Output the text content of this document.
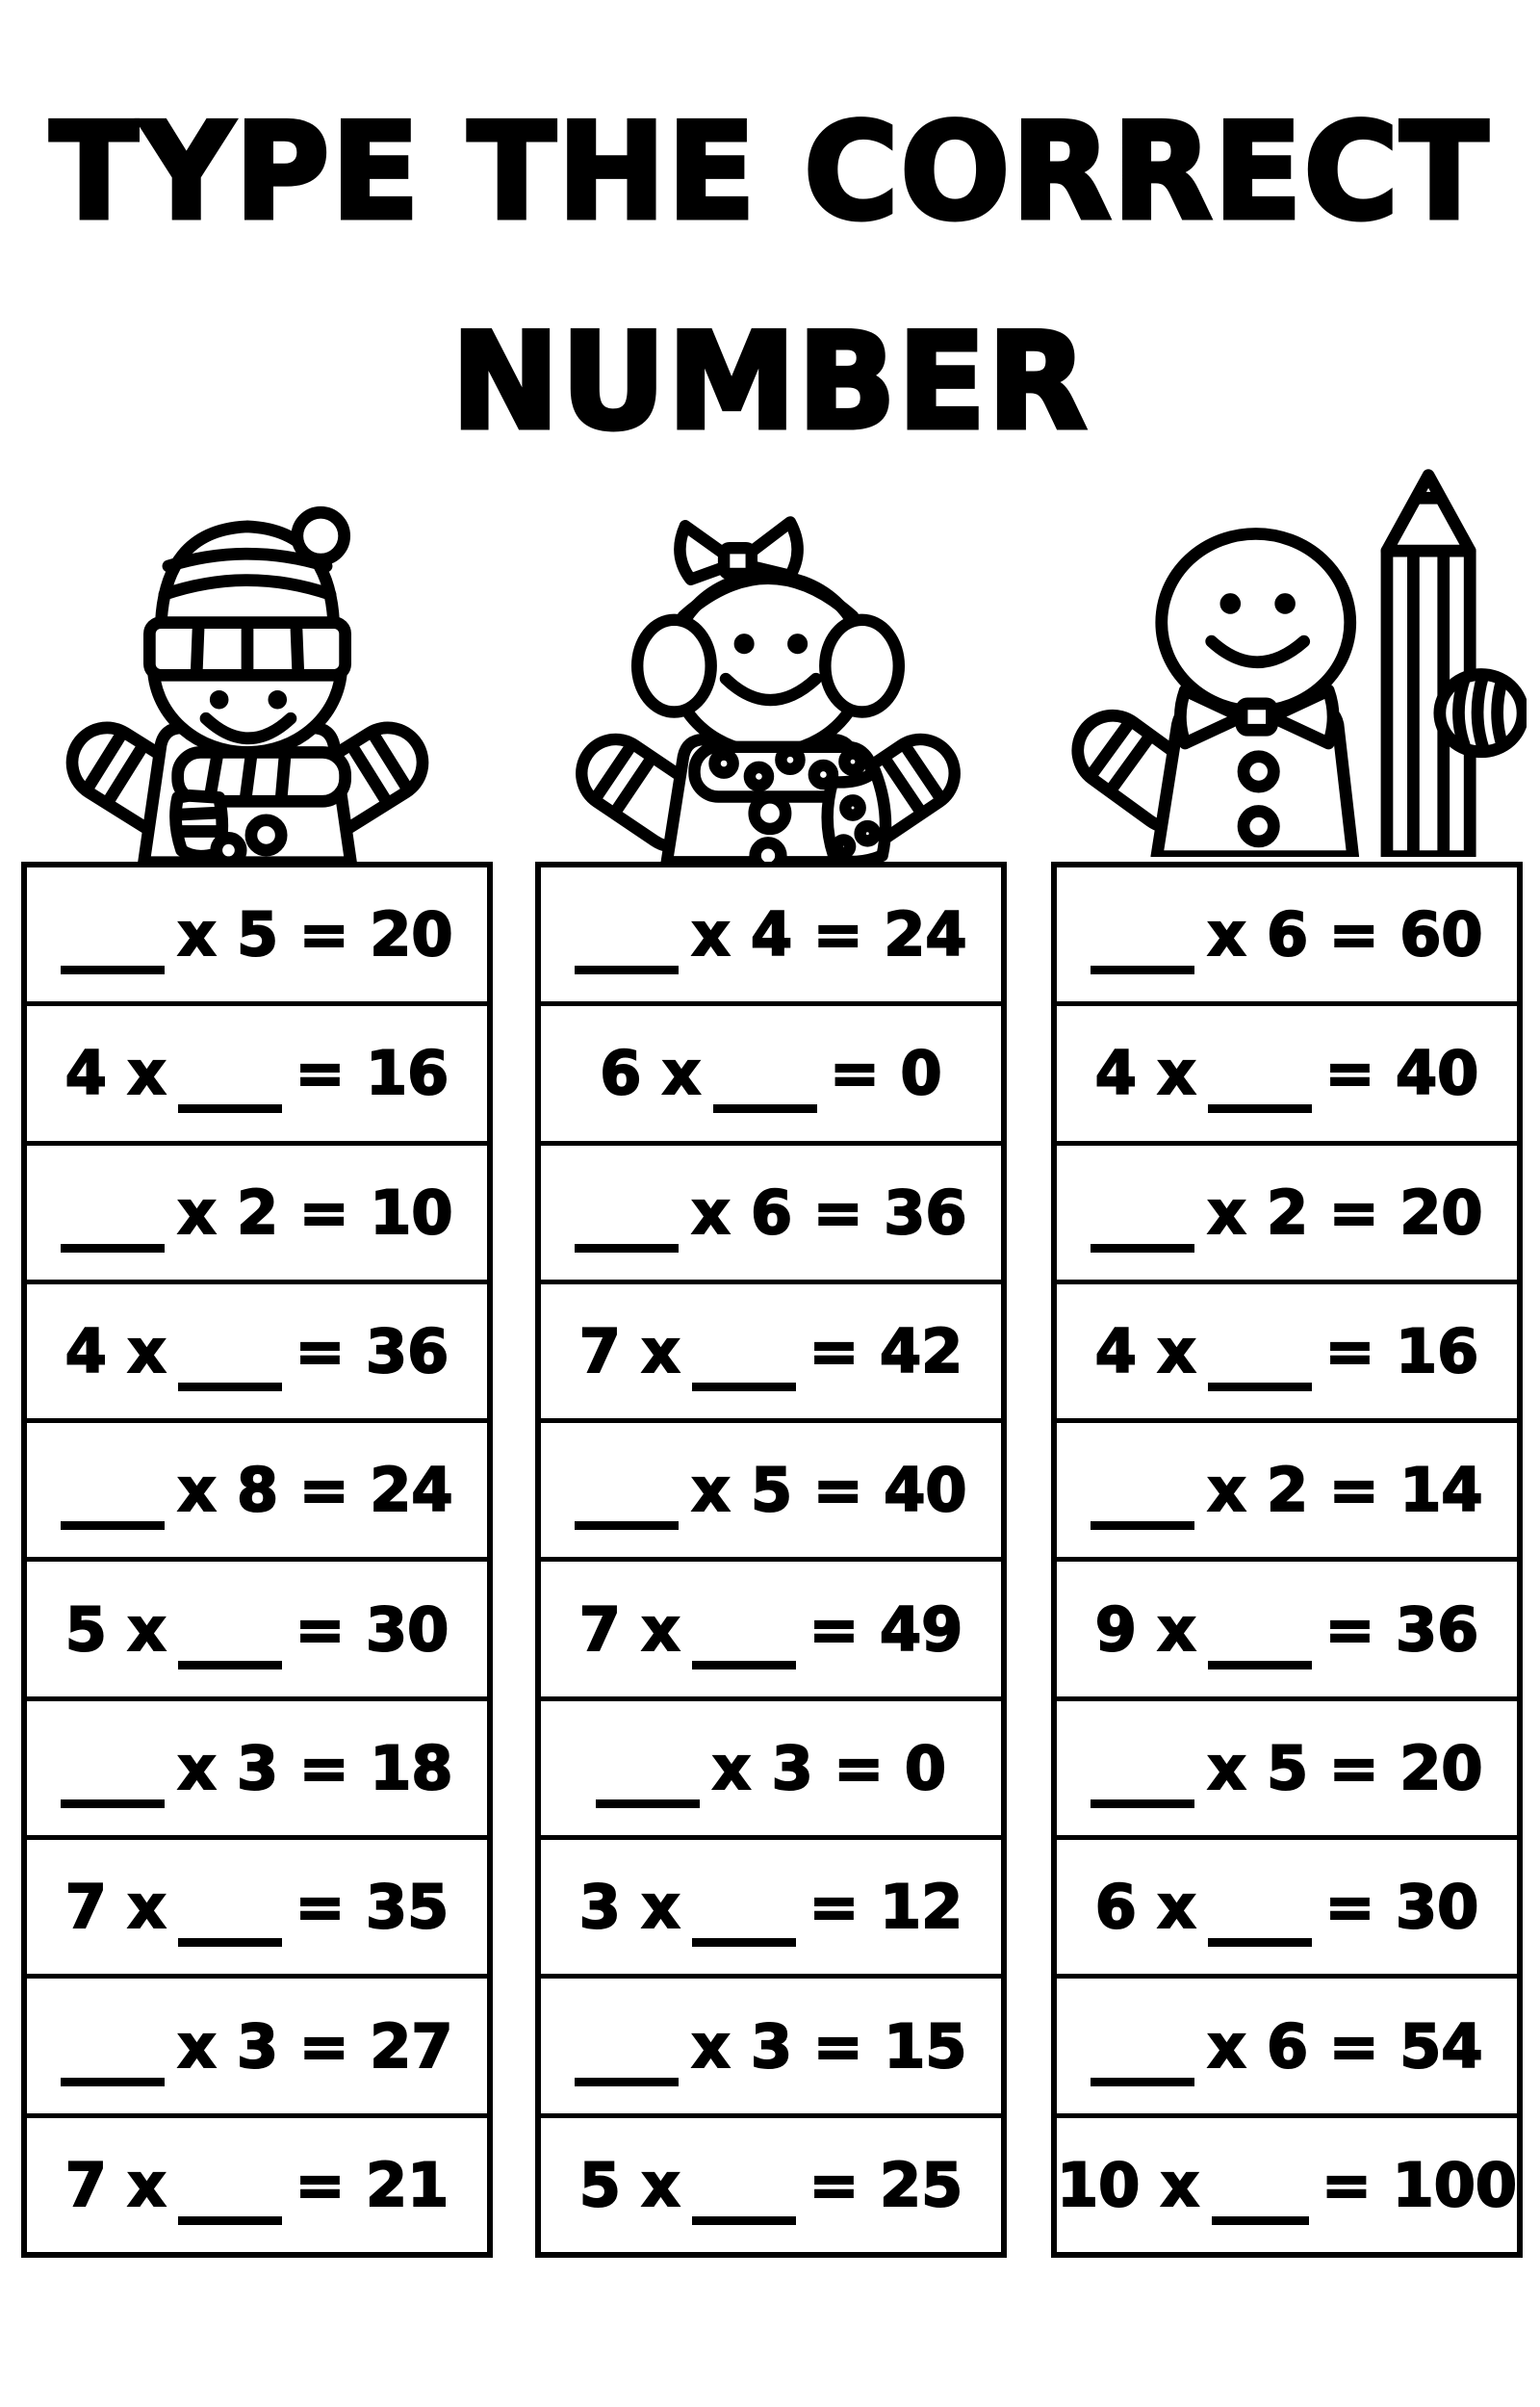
TYPE THE CORRECT
NUMBER
x 5 = 20
4 x = 16
x 2 = 10
4 x = 36
x 8 = 24
5 x = 30
x 3 = 18
7 x = 35
x 3 = 27
7 x = 21
x 4 = 24
6 x = 0
x 6 = 36
7 x = 42
x 5 = 40
7 x = 49
x 3 = 0
3 x = 12
x 3 = 15
5 x = 25
x 6 = 60
4 x = 40
x 2 = 20
4 x = 16
x 2 = 14
9 x = 36
x 5 = 20
6 x = 30
x 6 = 54
10 x = 100
